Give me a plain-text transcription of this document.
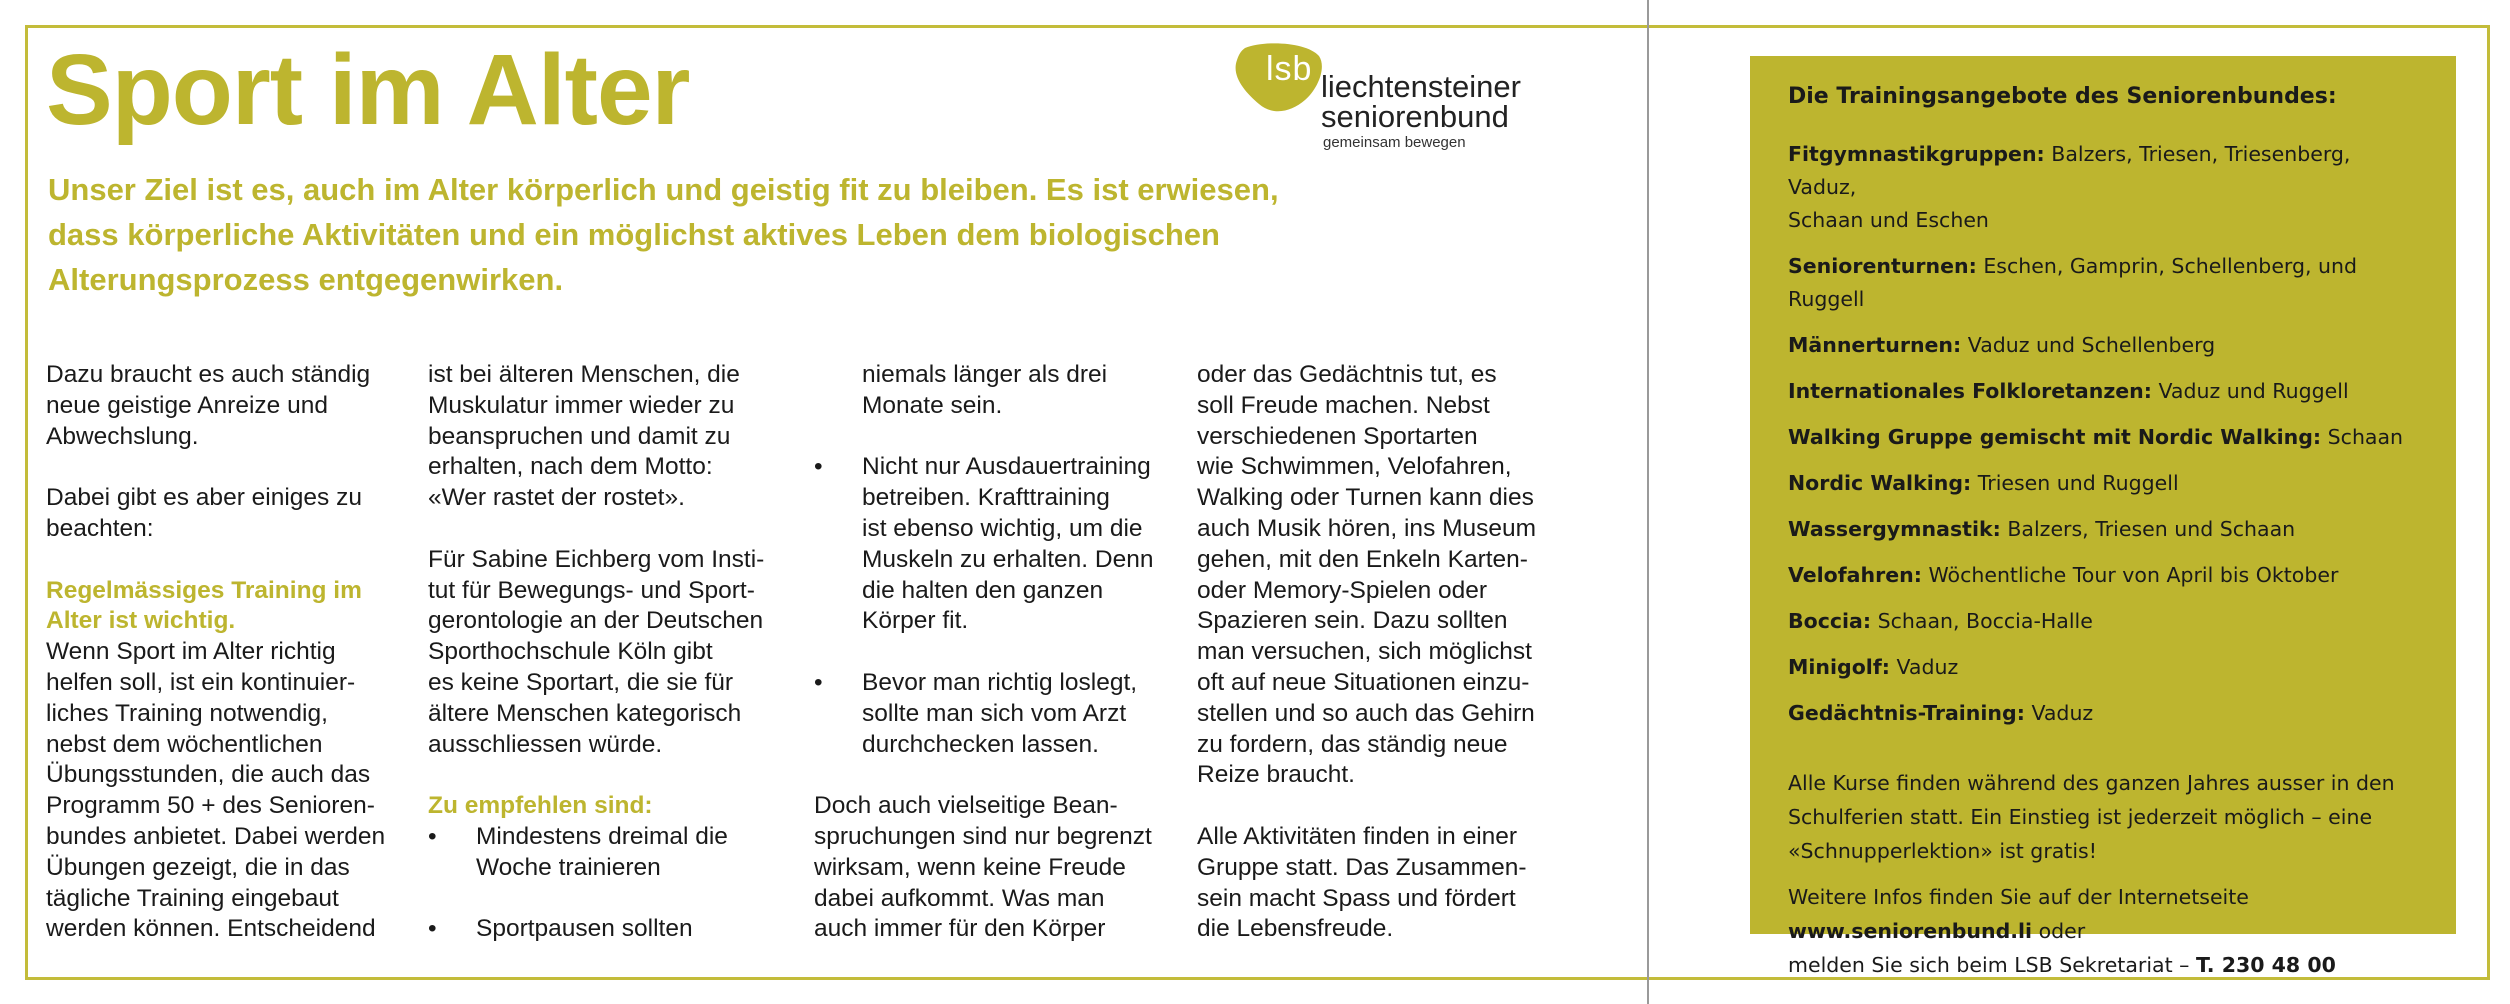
Sport im Alter

Unser Ziel ist es, auch im Alter körperlich und geistig fit zu bleiben. Es ist erwiesen, dass körperliche Aktivitäten und ein möglichst aktives Leben dem biologischen Alterungsprozess entgegenwirken.

lsb liechtensteiner
seniorenbund
gemeinsam bewegen

Dazu braucht es auch ständig
neue geistige Anreize und
Abwechslung.

Dabei gibt es aber einiges zu
beachten:

Regelmässiges Training im
Alter ist wichtig.

Wenn Sport im Alter richtig
helfen soll, ist ein kontinuier-
liches Training notwendig,
nebst dem wöchentlichen
Übungsstunden, die auch das
Programm 50 + des Senioren-
bundes anbietet. Dabei werden
Übungen gezeigt, die in das
tägliche Training eingebaut
werden können. Entscheidend

ist bei älteren Menschen, die
Muskulatur immer wieder zu
beanspruchen und damit zu
erhalten, nach dem Motto:
«Wer rastet der rostet».

Für Sabine Eichberg vom Insti-
tut für Bewegungs- und Sport-
gerontologie an der Deutschen
Sporthochschule Köln gibt
es keine Sportart, die sie für
ältere Menschen kategorisch
ausschliessen würde.

Zu empfehlen sind:

• Mindestens dreimal die
Woche trainieren
• Sportpausen sollten
niemals länger als drei
Monate sein.
• Nicht nur Ausdauertraining
betreiben. Krafttraining
ist ebenso wichtig, um die
Muskeln zu erhalten. Denn
die halten den ganzen
Körper fit.
• Bevor man richtig loslegt,
sollte man sich vom Arzt
durchchecken lassen.

Doch auch vielseitige Bean-
spruchungen sind nur begrenzt
wirksam, wenn keine Freude
dabei aufkommt. Was man
auch immer für den Körper

oder das Gedächtnis tut, es
soll Freude machen. Nebst
verschiedenen Sportarten
wie Schwimmen, Velofahren,
Walking oder Turnen kann dies
auch Musik hören, ins Museum
gehen, mit den Enkeln Karten-
oder Memory-Spielen oder
Spazieren sein. Dazu sollten
man versuchen, sich möglichst
oft auf neue Situationen einzu-
stellen und so auch das Gehirn
zu fordern, das ständig neue
Reize braucht.

Alle Aktivitäten finden in einer
Gruppe statt. Das Zusammen-
sein macht Spass und fördert
die Lebensfreude.

Die Trainingsangebote des Seniorenbundes:

Fitgymnastikgruppen: Balzers, Triesen, Triesenberg, Vaduz,
Schaan und Eschen

Seniorenturnen: Eschen, Gamprin, Schellenberg, und Ruggell

Männerturnen: Vaduz und Schellenberg

Internationales Folkloretanzen: Vaduz und Ruggell

Walking Gruppe gemischt mit Nordic Walking: Schaan

Nordic Walking: Triesen und Ruggell

Wassergymnastik: Balzers, Triesen und Schaan

Velofahren: Wöchentliche Tour von April bis Oktober

Boccia: Schaan, Boccia-Halle

Minigolf: Vaduz

Gedächtnis-Training: Vaduz

Alle Kurse finden während des ganzen Jahres ausser in den
Schulferien statt. Ein Einstieg ist jederzeit möglich – eine
«Schnupperlektion» ist gratis!

Weitere Infos finden Sie auf der Internetseite
www.seniorenbund.li oder
melden Sie sich beim LSB Sekretariat – T. 230 48 00
